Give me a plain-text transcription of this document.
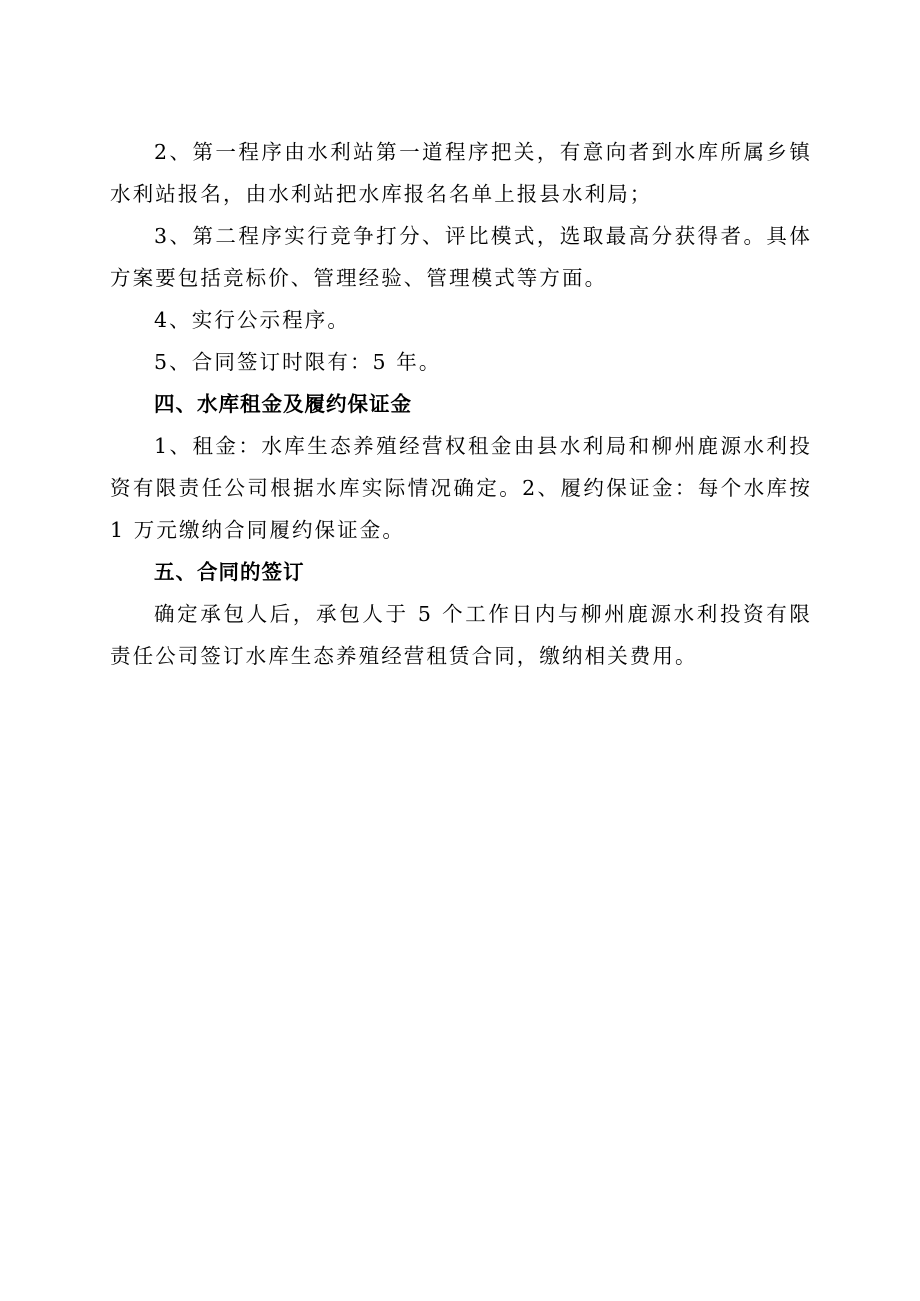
2、第一程序由水利站第一道程序把关，有意向者到水库所属乡镇水利站报名，由水利站把水库报名名单上报县水利局；

3、第二程序实行竞争打分、评比模式，选取最高分获得者。具体方案要包括竞标价、管理经验、管理模式等方面。

4、实行公示程序。

5、合同签订时限有：5 年。

四、水库租金及履约保证金

1、租金：水库生态养殖经营权租金由县水利局和柳州鹿源水利投资有限责任公司根据水库实际情况确定。2、履约保证金：每个水库按 1 万元缴纳合同履约保证金。

五、合同的签订

确定承包人后，承包人于 5 个工作日内与柳州鹿源水利投资有限责任公司签订水库生态养殖经营租赁合同，缴纳相关费用。
